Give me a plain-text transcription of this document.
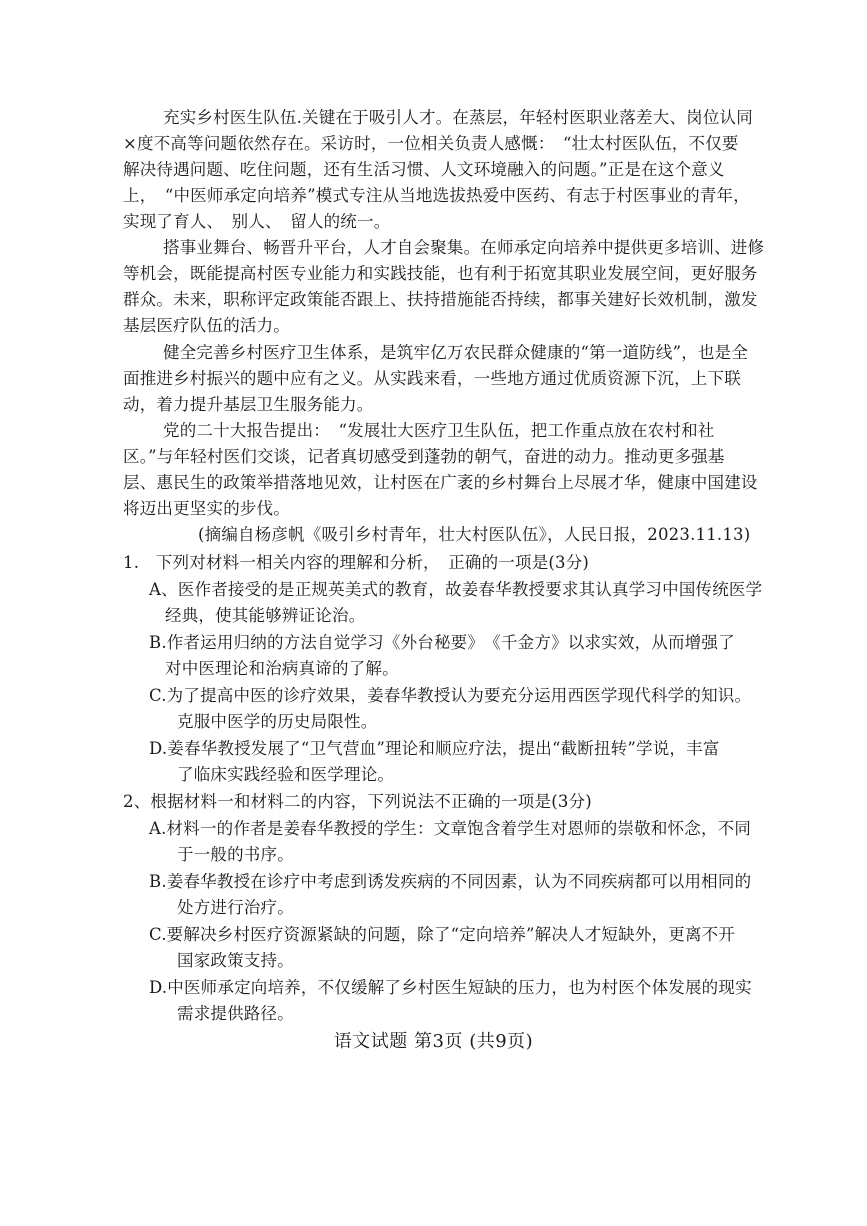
充实乡村医生队伍.关键在于吸引人才。在蒸层，年轻村医职业落差大、岗位认同
×度不高等问题依然存在。采访时，一位相关负责人感慨：　“壮太村医队伍，不仅要
解决待遇问题、吃住问题，还有生活习惯、人文环境融入的问题。”正是在这个意义
上，　“中医师承定向培养”模式专注从当地选拔热爱中医药、有志于村医事业的青年，
实现了育人、　别人、　留人的统一。
搭事业舞台、畅晋升平台，人才自会聚集。在师承定向培养中提供更多培训、进修
等机会，既能提高村医专业能力和实践技能，也有利于拓宽其职业发展空间，更好服务
群众。未来，职称评定政策能否跟上、扶持措施能否持续，都事关建好长效机制，激发
基层医疗队伍的活力。
健全完善乡村医疗卫生体系，是筑牢亿万农民群众健康的“第一道防线”，也是全
面推进乡村振兴的题中应有之义。从实践来看，一些地方通过优质资源下沉，上下联
动，着力提升基层卫生服务能力。
党的二十大报告提出：　“发展壮大医疗卫生队伍，把工作重点放在农村和社
区。”与年轻村医们交谈，记者真切感受到蓬勃的朝气，奋进的动力。推动更多强基
层、惠民生的政策举措落地见效，让村医在广袤的乡村舞台上尽展才华，健康中国建设
将迈出更坚实的步伐。
(摘编自杨彦帆《吸引乡村青年，壮大村医队伍》，人民日报，2023.11.13)
1.　下列对材料一相关内容的理解和分析，　正确的一项是(3分)
A、医作者接受的是正规英美式的教育，故姜春华教授要求其认真学习中国传统医学
经典，使其能够辨证论治。
B.作者运用归纳的方法自觉学习《外台秘要》　《千金方》以求实效，从而增强了
对中医理论和治病真谛的了解。
C.为了提高中医的诊疗效果，姜春华教授认为要充分运用西医学现代科学的知识。
克服中医学的历史局限性。
D.姜春华教授发展了“卫气营血”理论和顺应疗法，提出“截断扭转”学说，丰富
了临床实践经验和医学理论。
2、根据材料一和材料二的内容，下列说法不正确的一项是(3分)
A.材料一的作者是姜春华教授的学生：文章饱含着学生对恩师的崇敬和怀念，不同
于一般的书序。
B.姜春华教授在诊疗中考虑到诱发疾病的不同因素，认为不同疾病都可以用相同的
处方进行治疗。
C.要解决乡村医疗资源紧缺的问题，除了“定向培养”解决人才短缺外，更离不开
国家政策支持。
D.中医师承定向培养，不仅缓解了乡村医生短缺的压力，也为村医个体发展的现实
需求提供路径。
语文试题 第3页 (共9页)
